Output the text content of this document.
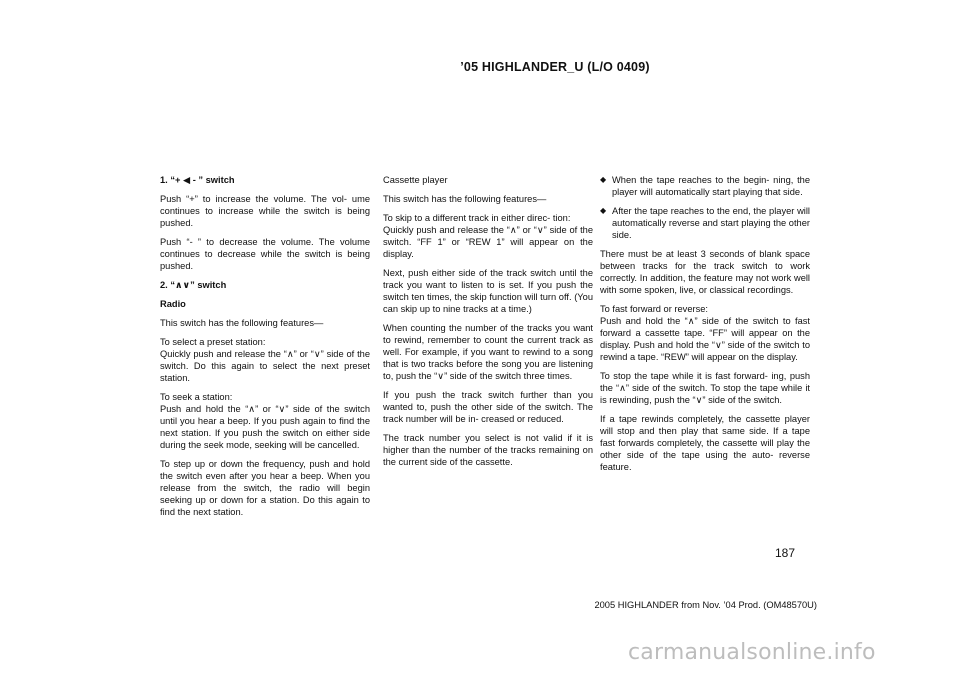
’05 HIGHLANDER_U (L/O 0409)

1. “+ ◀ - ” switch

Push “+” to increase the volume. The vol- ume continues to increase while the switch is being pushed.

Push “- ” to decrease the volume. The volume continues to decrease while the switch is being pushed.

2. “∧∨” switch

Radio

This switch has the following features—

To select a preset station:
Quickly push and release the “∧” or “∨” side of the switch. Do this again to select the next preset station.

To seek a station:
Push and hold the “∧” or “∨” side of the switch until you hear a beep. If you push again to find the next station. If you push the switch on either side during the seek mode, seeking will be cancelled.

To step up or down the frequency, push and hold the switch even after you hear a beep. When you release from the switch, the radio will begin seeking up or down for a station. Do this again to find the next station.

Cassette player

This switch has the following features—

To skip to a different track in either direc- tion:
Quickly push and release the “∧” or “∨” side of the switch. “FF 1” or “REW 1” will appear on the display.

Next, push either side of the track switch until the track you want to listen to is set. If you push the switch ten times, the skip function will turn off. (You can skip up to nine tracks at a time.)

When counting the number of the tracks you want to rewind, remember to count the current track as well. For example, if you want to rewind to a song that is two tracks before the song you are listening to, push the “∨” side of the switch three times.

If you push the track switch further than you wanted to, push the other side of the switch. The track number will be in- creased or reduced.

The track number you select is not valid if it is higher than the number of the tracks remaining on the current side of the cassette.

◆ When the tape reaches to the begin- ning, the player will automatically start playing that side.
◆ After the tape reaches to the end, the player will automatically reverse and start playing the other side.

There must be at least 3 seconds of blank space between tracks for the track switch to work correctly. In addition, the feature may not work well with some spoken, live, or classical recordings.

To fast forward or reverse:
Push and hold the “∧” side of the switch to fast forward a cassette tape. “FF” will appear on the display. Push and hold the “∨” side of the switch to rewind a tape. “REW” will appear on the display.

To stop the tape while it is fast forward- ing, push the “∧” side of the switch. To stop the tape while it is rewinding, push the “∨” side of the switch.

If a tape rewinds completely, the cassette player will stop and then play that same side. If a tape fast forwards completely, the cassette will play the other side of the tape using the auto- reverse feature.

187
2005 HIGHLANDER from Nov. ’04 Prod. (OM48570U)
carmanualsonline.info
